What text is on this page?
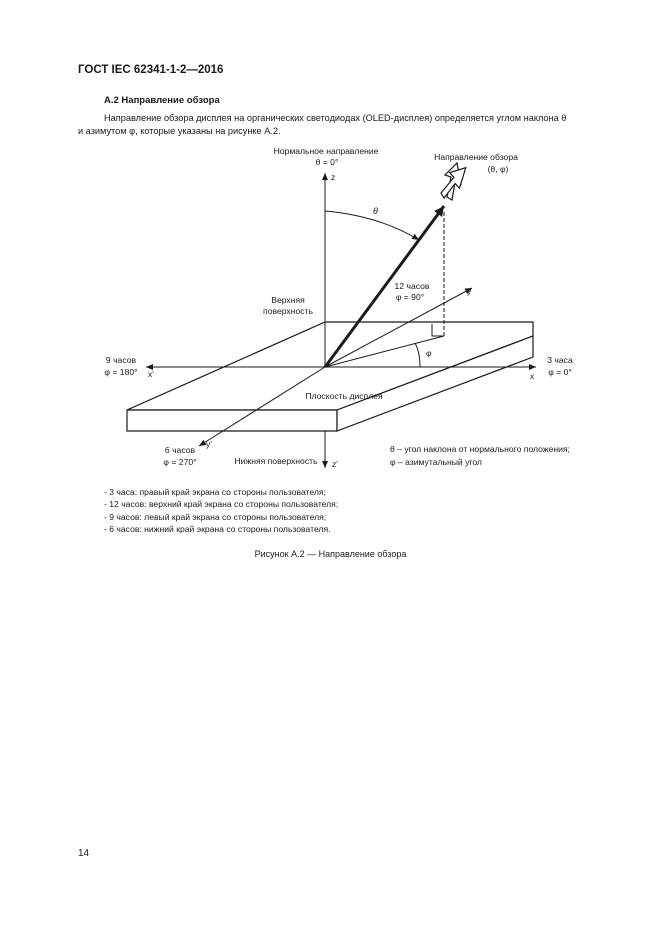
ГОСТ IEC 62341-1-2—2016
А.2 Направление обзора
Направление обзора дисплея на органических светодиодах (OLED-дисплея) определяется углом наклона θ
и азимутом φ, которые указаны на рисунке А.2.
Нормальное направление
θ = 0°
z
Направление обзора
(θ, φ)
θ
φ
12 часов
φ = 90°
y
Верхняя
поверхность
9 часов
φ = 180° x'
3 часа
φ = 0°
x
Плоскость дисплея
y'
6 часов
φ = 270°	Нижняя поверхность z'
θ – угол наклона от нормального положения;
φ – азимутальный угол
- 3 часа: правый край экрана со стороны пользователя;
- 12 часов: верхний край экрана со стороны пользователя;
- 9 часов: левый край экрана со стороны пользователя;
- 6 часов: нижний край экрана со стороны пользователя.
Рисунок А.2 — Направление обзора
14
